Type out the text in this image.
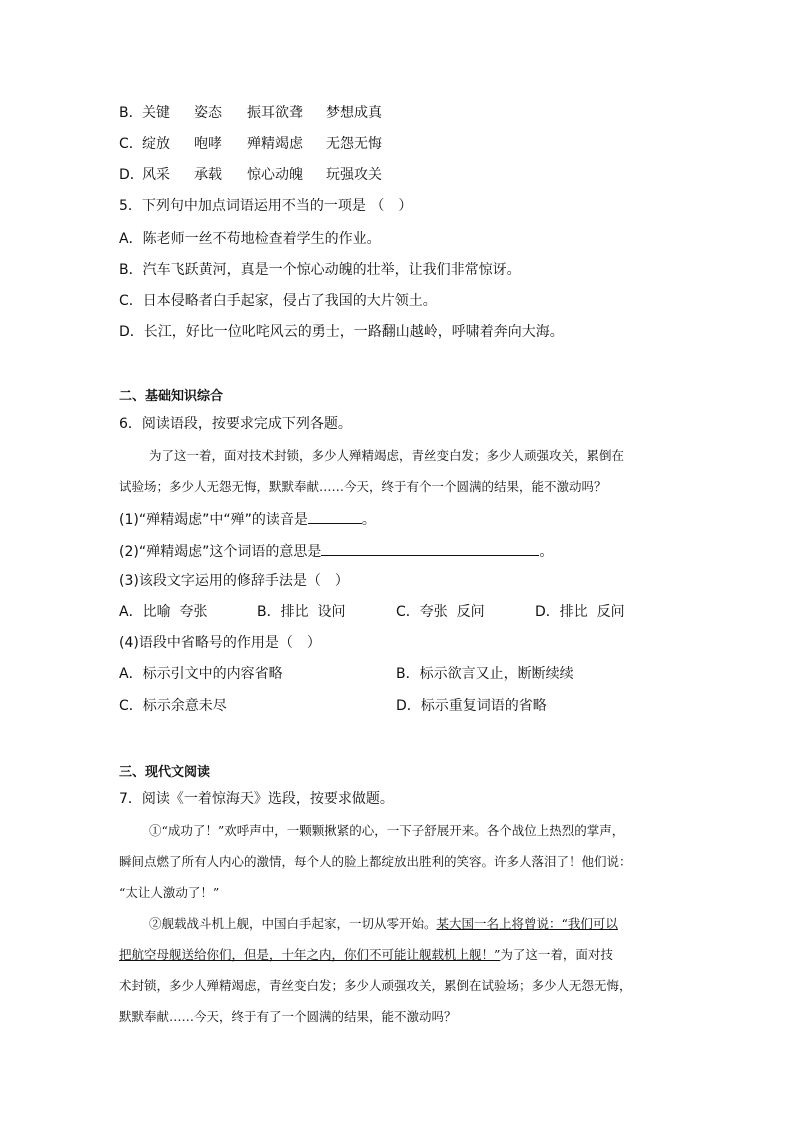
B． 关键 姿态 振耳欲聋 梦想成真
C． 绽放 咆哮 殚精竭虑 无怨无悔
D．
风采 承载 惊心动魄 玩强攻关
5．下列句中加点词语运用不当的一项是 （　）
A．陈老师一丝不苟地检查着学生的作业。
B．汽车飞跃黄河，真是一个惊心动魄的壮举，让我们非常惊讶。
C．日本侵略者白手起家，侵占了我国的大片领土。
D．长江，好比一位叱咤风云的勇士，一路翻山越岭，呼啸着奔向大海。
二、基础知识综合
6．阅读语段，按要求完成下列各题。
为了这一着，面对技术封锁，多少人殚精竭虑，青丝变白发；多少人顽强攻关，累倒在
试验场；多少人无怨无悔，默默奉献……今天，终于有个一个圆满的结果，能不激动吗？
(1)“殚精竭虑”中“殚”的读音是	。
(2)“殚精竭虑”这个词语的意思是	。
(3)该段文字运用的修辞手法是（　）
A．比喻  夸张	B．排比  设问	C．夸张  反问	D．排比  反问
(4)语段中省略号的作用是（　）
A．标示引文中的内容省略	B．标示欲言又止，断断续续
C．标示余意未尽	D．标示重复词语的省略
三、现代文阅读
7．阅读《一着惊海天》选段，按要求做题。
①“成功了！”欢呼声中，一颗颗揪紧的心，一下子舒展开来。各个战位上热烈的掌声，
瞬间点燃了所有人内心的激情，每个人的脸上都绽放出胜利的笑容。许多人落泪了！他们说：
“太让人激动了！”
②舰载战斗机上舰，中国白手起家，一切从零开始。某大国一名上将曾说：“我们可以
把航空母舰送给你们，但是，十年之内，你们不可能让舰载机上舰！”为了这一着，面对技
术封锁，多少人殚精竭虑，青丝变白发；多少人顽强攻关，累倒在试验场；多少人无怨无悔，
默默奉献……今天，终于有了一个圆满的结果，能不激动吗？
